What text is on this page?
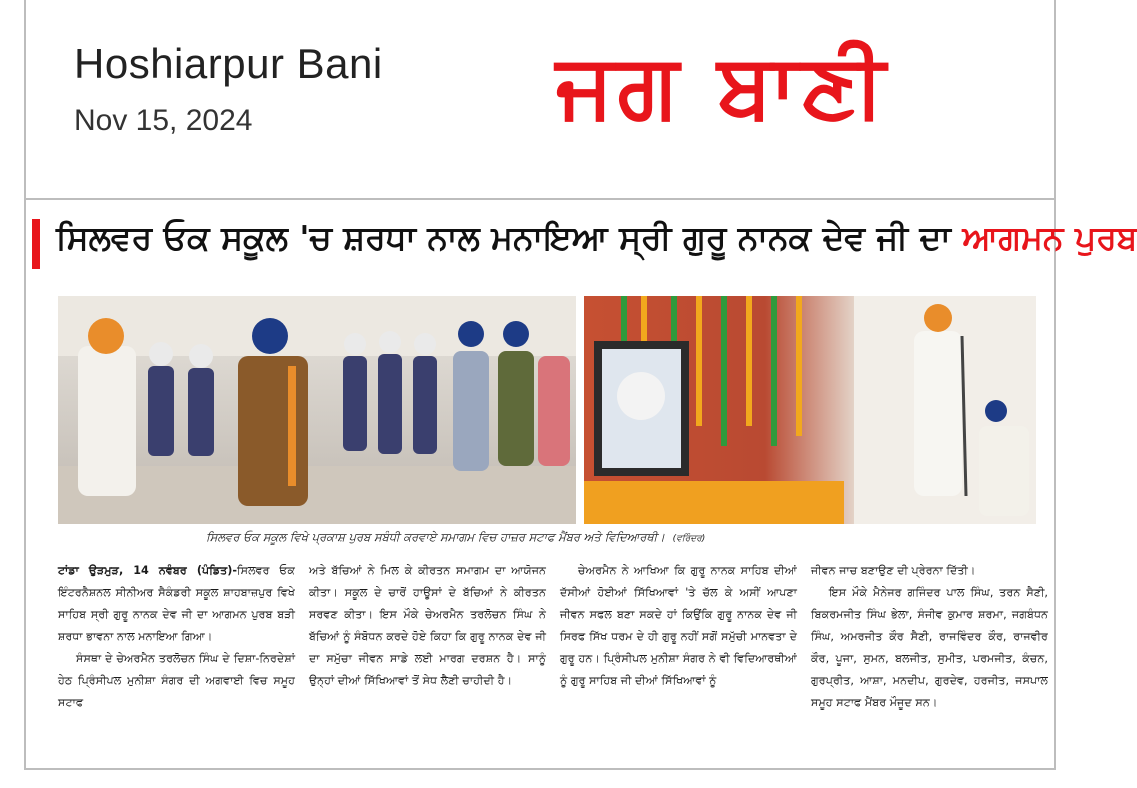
Hoshiarpur Bani
Nov 15, 2024	ਜਗ ਬਾਣੀ
ਸਿਲਵਰ ਓਕ ਸਕੂਲ 'ਚ ਸ਼ਰਧਾ ਨਾਲ ਮਨਾਇਆ ਸ੍ਰੀ ਗੁਰੂ ਨਾਨਕ ਦੇਵ ਜੀ ਦਾ ਆਗਮਨ ਪੁਰਬ
ਸਿਲਵਰ ਓਕ ਸਕੂਲ ਵਿਖੇ ਪ੍ਰਕਾਸ਼ ਪੁਰਬ ਸਬੰਧੀ ਕਰਵਾਏ ਸਮਾਗਮ ਵਿਚ ਹਾਜ਼ਰ ਸਟਾਫ ਮੈਂਬਰ ਅਤੇ ਵਿਦਿਆਰਥੀ। (ਵਰਿੰਦਰ)

ਟਾਂਡਾ ਉੜਮੁੜ, 14 ਨਵੰਬਰ (ਪੰਡਿਤ)-ਸਿਲਵਰ ਓਕ ਇੰਟਰਨੈਸ਼ਨਲ ਸੀਨੀਅਰ ਸੈਕੰਡਰੀ ਸਕੂਲ ਸ਼ਾਹਬਾਜ਼ਪੁਰ ਵਿਖੇ ਸਾਹਿਬ ਸ੍ਰੀ ਗੁਰੂ ਨਾਨਕ ਦੇਵ ਜੀ ਦਾ ਆਗਮਨ ਪੁਰਬ ਬੜੀ ਸ਼ਰਧਾ ਭਾਵਨਾ ਨਾਲ ਮਨਾਇਆ ਗਿਆ।

ਸੰਸਥਾ ਦੇ ਚੇਅਰਮੈਨ ਤਰਲੋਚਨ ਸਿੰਘ ਦੇ ਦਿਸ਼ਾ-ਨਿਰਦੇਸ਼ਾਂ ਹੇਠ ਪ੍ਰਿੰਸੀਪਲ ਮੁਨੀਸ਼ਾ ਸੰਗਰ ਦੀ ਅਗਵਾਈ ਵਿਚ ਸਮੂਹ ਸਟਾਫ

ਅਤੇ ਬੱਚਿਆਂ ਨੇ ਮਿਲ ਕੇ ਕੀਰਤਨ ਸਮਾਗਮ ਦਾ ਆਯੋਜਨ ਕੀਤਾ। ਸਕੂਲ ਦੇ ਚਾਰੋਂ ਹਾਊਸਾਂ ਦੇ ਬੱਚਿਆਂ ਨੇ ਕੀਰਤਨ ਸਰਵਣ ਕੀਤਾ। ਇਸ ਮੌਕੇ ਚੇਅਰਮੈਨ ਤਰਲੋਚਨ ਸਿੰਘ ਨੇ ਬੱਚਿਆਂ ਨੂੰ ਸੰਬੋਧਨ ਕਰਦੇ ਹੋਏ ਕਿਹਾ ਕਿ ਗੁਰੂ ਨਾਨਕ ਦੇਵ ਜੀ ਦਾ ਸਮੁੱਚਾ ਜੀਵਨ ਸਾਡੇ ਲਈ ਮਾਰਗ ਦਰਸ਼ਨ ਹੈ। ਸਾਨੂੰ ਉਨ੍ਹਾਂ ਦੀਆਂ ਸਿੱਖਿਆਵਾਂ ਤੋਂ ਸੇਧ ਲੈਣੀ ਚਾਹੀਦੀ ਹੈ।

ਚੇਅਰਮੈਨ ਨੇ ਆਖਿਆ ਕਿ ਗੁਰੂ ਨਾਨਕ ਸਾਹਿਬ ਦੀਆਂ ਦੱਸੀਆਂ ਹੋਈਆਂ ਸਿੱਖਿਆਵਾਂ 'ਤੇ ਚੱਲ ਕੇ ਅਸੀਂ ਆਪਣਾ ਜੀਵਨ ਸਫਲ ਬਣਾ ਸਕਦੇ ਹਾਂ ਕਿਉਂਕਿ ਗੁਰੂ ਨਾਨਕ ਦੇਵ ਜੀ ਸਿਰਫ ਸਿੱਖ ਧਰਮ ਦੇ ਹੀ ਗੁਰੂ ਨਹੀਂ ਸਗੋਂ ਸਮੁੱਚੀ ਮਾਨਵਤਾ ਦੇ ਗੁਰੂ ਹਨ। ਪ੍ਰਿੰਸੀਪਲ ਮੁਨੀਸ਼ਾ ਸੰਗਰ ਨੇ ਵੀ ਵਿਦਿਆਰਥੀਆਂ ਨੂੰ ਗੁਰੂ ਸਾਹਿਬ ਜੀ ਦੀਆਂ ਸਿੱਖਿਆਵਾਂ ਨੂੰ

ਜੀਵਨ ਜਾਚ ਬਣਾਉਣ ਦੀ ਪ੍ਰੇਰਨਾ ਦਿੱਤੀ।

ਇਸ ਮੌਕੇ ਮੈਨੇਜਰ ਗਜਿੰਦਰ ਪਾਲ ਸਿੰਘ, ਤਰਨ ਸੈਣੀ, ਬਿਕਰਮਜੀਤ ਸਿੰਘ ਭੇਲਾ, ਸੰਜੀਵ ਕੁਮਾਰ ਸ਼ਰਮਾ, ਜਗਬੰਧਨ ਸਿੰਘ, ਅਮਰਜੀਤ ਕੌਰ ਸੈਣੀ, ਰਾਜਵਿੰਦਰ ਕੌਰ, ਰਾਜਵੀਰ ਕੌਰ, ਪੂਜਾ, ਸੁਮਨ, ਬਲਜੀਤ, ਸੁਮੀਤ, ਪਰਮਜੀਤ, ਕੰਚਨ, ਗੁਰਪ੍ਰੀਤ, ਆਸ਼ਾ, ਮਨਦੀਪ, ਗੁਰਦੇਵ, ਹਰਜੀਤ, ਜਸਪਾਲ ਸਮੂਹ ਸਟਾਫ ਮੈਂਬਰ ਮੌਜੂਦ ਸਨ।
